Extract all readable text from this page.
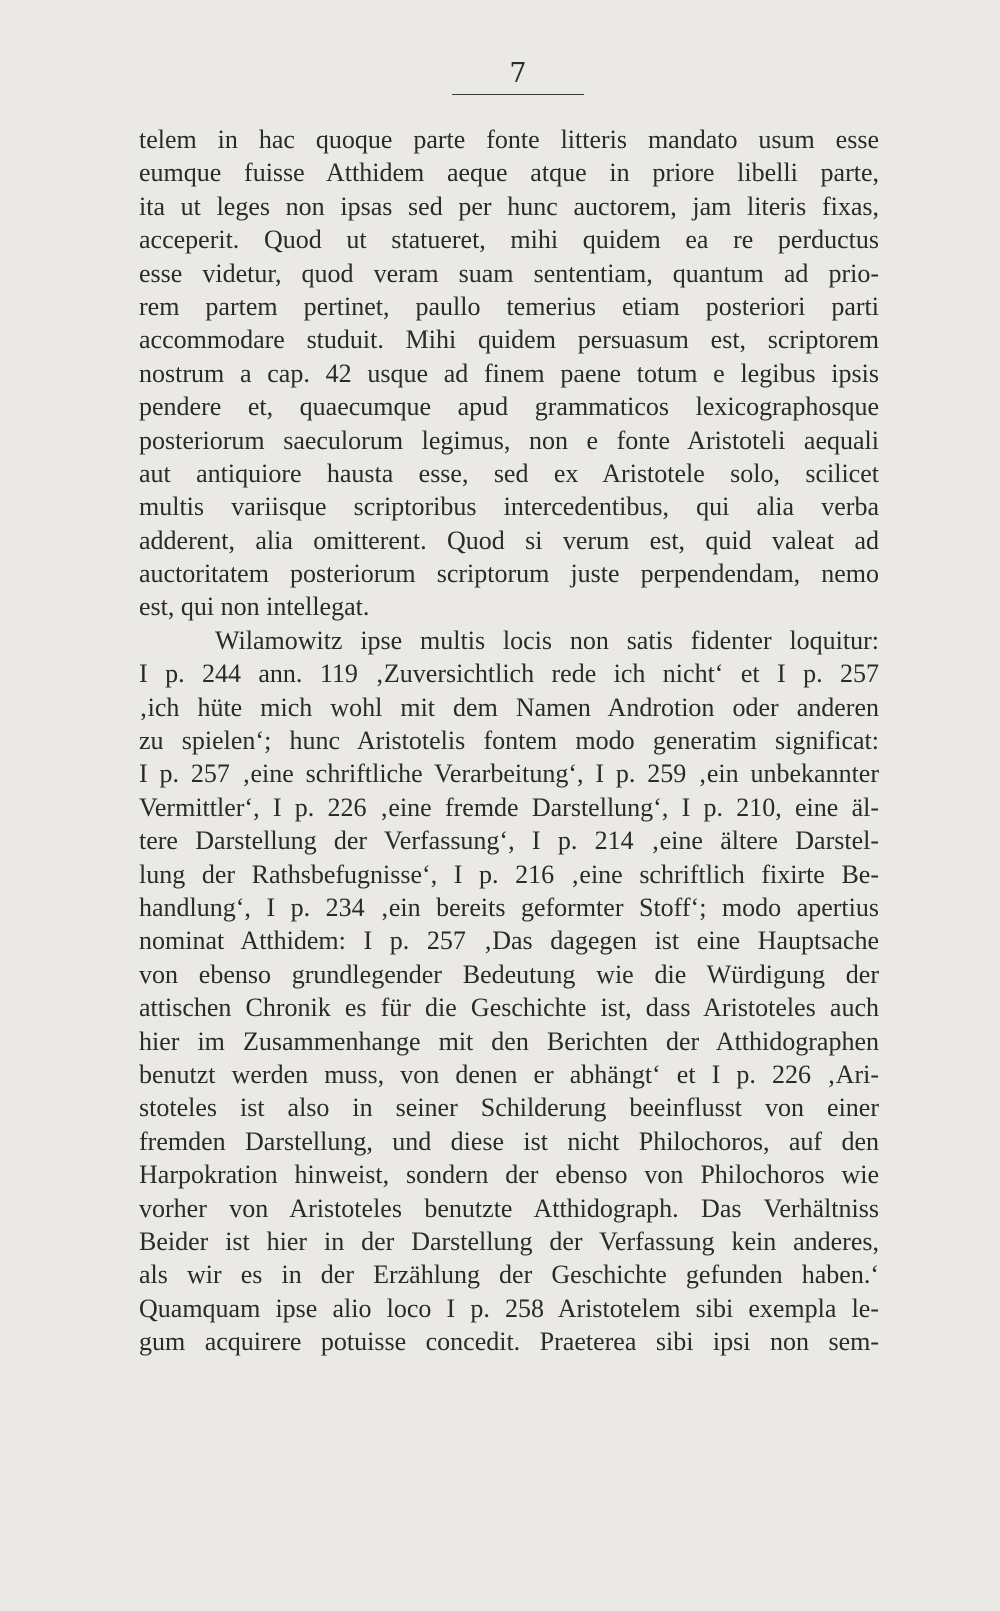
7
telem in hac quoque parte fonte litteris mandato usum esse
eumque fuisse Atthidem aeque atque in priore libelli parte,
ita ut leges non ipsas sed per hunc auctorem, jam literis fixas,
acceperit. Quod ut statueret, mihi quidem ea re perductus
esse videtur, quod veram suam sententiam, quantum ad prio-
rem partem pertinet, paullo temerius etiam posteriori parti
accommodare studuit. Mihi quidem persuasum est, scriptorem
nostrum a cap. 42 usque ad finem paene totum e legibus ipsis
pendere et, quaecumque apud grammaticos lexicographosque
posteriorum saeculorum legimus, non e fonte Aristoteli aequali
aut antiquiore hausta esse, sed ex Aristotele solo, scilicet
multis variisque scriptoribus intercedentibus, qui alia verba
adderent, alia omitterent. Quod si verum est, quid valeat ad
auctoritatem posteriorum scriptorum juste perpendendam, nemo
est, qui non intellegat.
Wilamowitz ipse multis locis non satis fidenter loquitur:
I p. 244 ann. 119 ‚Zuversichtlich rede ich nicht‘ et I p. 257
‚ich hüte mich wohl mit dem Namen Androtion oder anderen
zu spielen‘; hunc Aristotelis fontem modo generatim significat:
I p. 257 ‚eine schriftliche Verarbeitung‘, I p. 259 ‚ein unbekannter
Vermittler‘, I p. 226 ‚eine fremde Darstellung‘, I p. 210, eine äl-
tere Darstellung der Verfassung‘, I p. 214 ‚eine ältere Darstel-
lung der Rathsbefugnisse‘, I p. 216 ‚eine schriftlich fixirte Be-
handlung‘, I p. 234 ‚ein bereits geformter Stoff‘; modo apertius
nominat Atthidem: I p. 257 ‚Das dagegen ist eine Hauptsache
von ebenso grundlegender Bedeutung wie die Würdigung der
attischen Chronik es für die Geschichte ist, dass Aristoteles auch
hier im Zusammenhange mit den Berichten der Atthidographen
benutzt werden muss, von denen er abhängt‘ et I p. 226 ‚Ari-
stoteles ist also in seiner Schilderung beeinflusst von einer
fremden Darstellung, und diese ist nicht Philochoros, auf den
Harpokration hinweist, sondern der ebenso von Philochoros wie
vorher von Aristoteles benutzte Atthidograph. Das Verhältniss
Beider ist hier in der Darstellung der Verfassung kein anderes,
als wir es in der Erzählung der Geschichte gefunden haben.‘
Quamquam ipse alio loco I p. 258 Aristotelem sibi exempla le-
gum acquirere potuisse concedit. Praeterea sibi ipsi non sem-
